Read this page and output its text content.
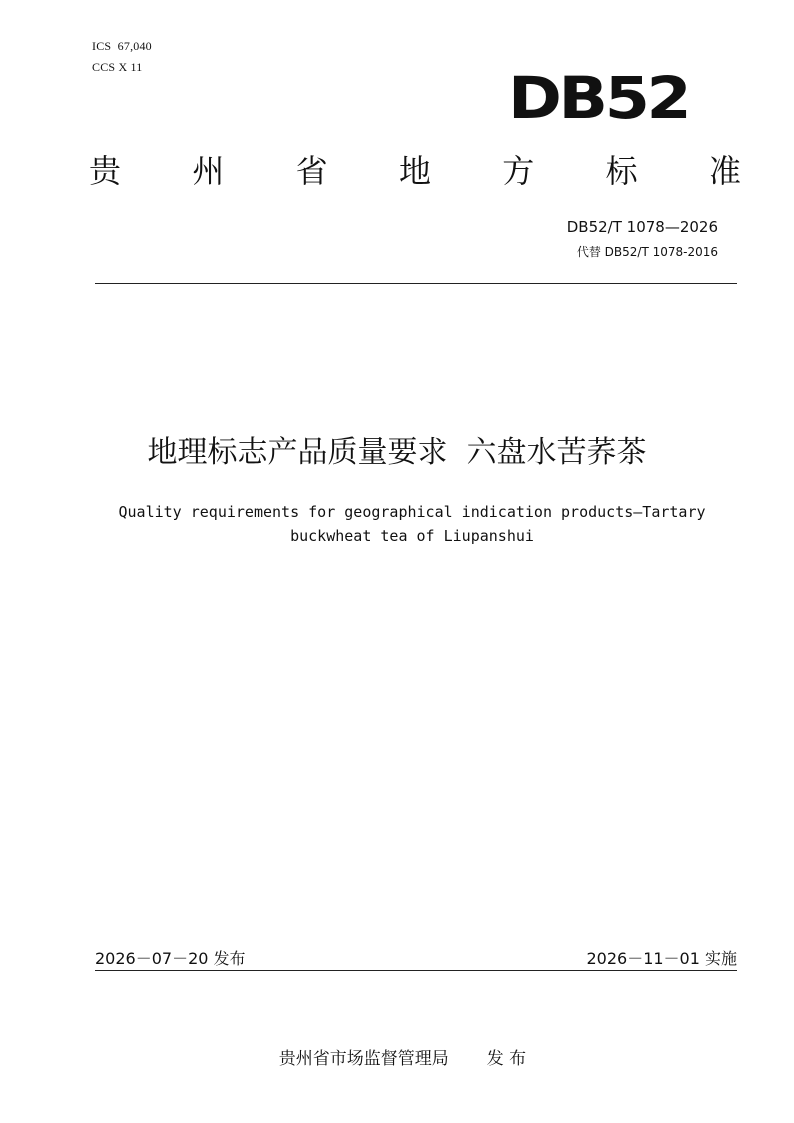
ICS  67,040
CCS X 11	DB52
贵 州 省 地 方 标 准
DB52/T 1078—2026
代替 DB52/T 1078-2016
地理标志产品质量要求  六盘水苦荞茶
Quality requirements for geographical indication products—Tartary buckwheat tea of Liupanshui
2026－07－20 发布	2026－11－01 实施

贵州省市场监督管理局 发 布
